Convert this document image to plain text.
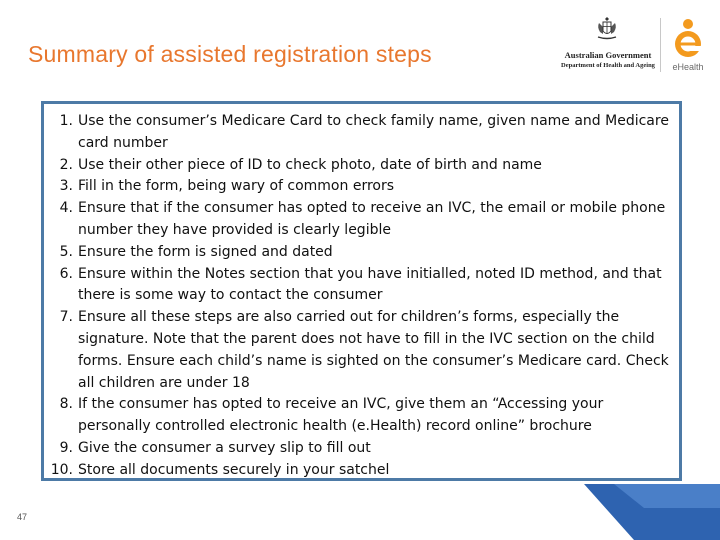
Summary of assisted registration steps	Australian Government
Department of Health and Ageing	eHealth
1. Use the consumer’s Medicare Card to check family name, given name and Medicare card number
2. Use their other piece of ID to check photo, date of birth and name
3. Fill in the form, being wary of common errors
4. Ensure that if the consumer has opted to receive an IVC, the email or mobile phone number they have provided is clearly legible
5. Ensure the form is signed and dated
6. Ensure within the Notes section that you have initialled, noted ID method, and that there is some way to contact the consumer
7. Ensure all these steps are also carried out for children’s forms, especially the signature. Note that the parent does not have to fill in the IVC section on the child forms. Ensure each child’s name is sighted on the consumer’s Medicare card. Check all children are under 18
8. If the consumer has opted to receive an IVC, give them an “Accessing your personally controlled electronic health (e.Health) record online” brochure
9. Give the consumer a survey slip to fill out
10. Store all documents securely in your satchel
47
